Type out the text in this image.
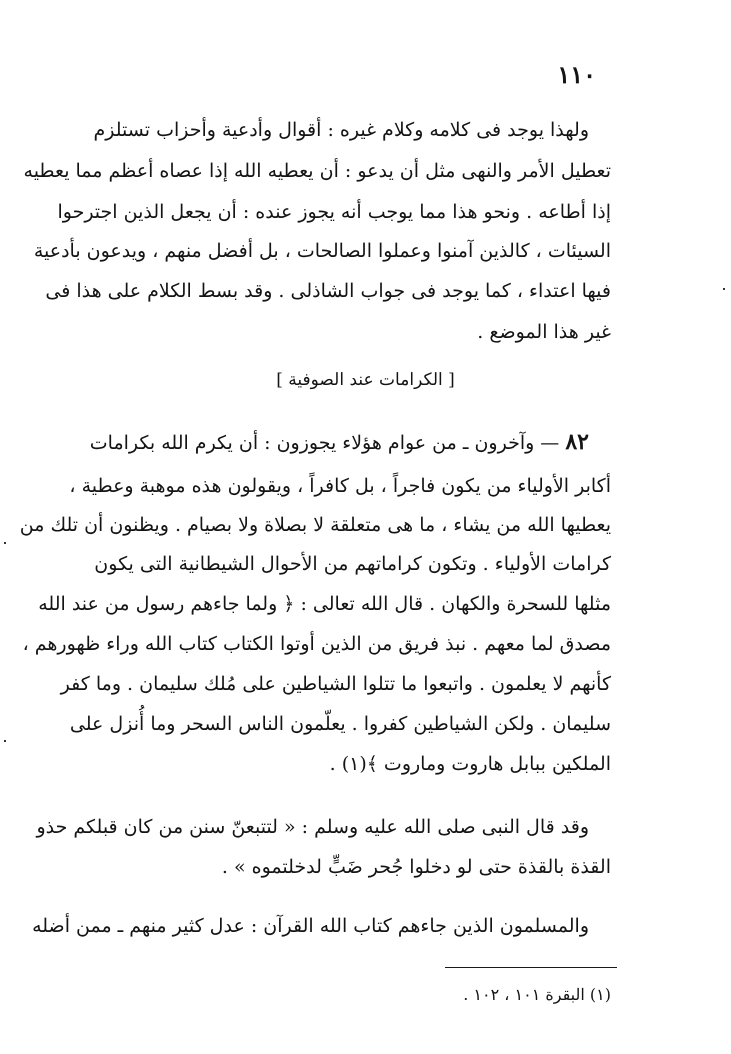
١١٠
ولهذا يوجد فى كلامه وكلام غيره : أقوال وأدعية وأحزاب تستلزم
تعطيل الأمر والنهى مثل أن يدعو : أن يعطيه الله إذا عصاه أعظم مما يعطيه
إذا أطاعه . ونحو هذا مما يوجب أنه يجوز عنده : أن يجعل الذين اجترحوا
السيئات ، كالذين آمنوا وعملوا الصالحات ، بل أفضل منهم ، ويدعون بأدعية
فيها اعتداء ، كما يوجد فى جواب الشاذلى . وقد بسط الكلام على هذا فى
غير هذا الموضع .
[ الكرامات عند الصوفية ]
٨٢ — وآخرون ـ من عوام هؤلاء يجوزون : أن يكرم الله بكرامات
أكابر الأولياء من يكون فاجراً ، بل كافراً ، ويقولون هذه موهبة وعطية ،
يعطيها الله من يشاء ، ما هى متعلقة لا بصلاة ولا بصيام . ويظنون أن تلك من
كرامات الأولياء . وتكون كراماتهم من الأحوال الشيطانية التى يكون
مثلها للسحرة والكهان . قال الله تعالى : ﴿ ولما جاءهم رسول من عند الله
مصدق لما معهم . نبذ فريق من الذين أوتوا الكتاب كتاب الله وراء ظهورهم ،
كأنهم لا يعلمون . واتبعوا ما تتلوا الشياطين على مُلك سليمان . وما كفر
سليمان . ولكن الشياطين كفروا . يعلّمون الناس السحر وما أُنزل على
الملكين ببابل هاروت وماروت ﴾(١) .
وقد قال النبى صلى الله عليه وسلم : « لتتبعنّ سنن من كان قبلكم حذو
القذة بالقذة حتى لو دخلوا جُحر ضَبٍّ لدخلتموه » .
والمسلمون الذين جاءهم كتاب الله القرآن : عدل كثير منهم ـ ممن أضله
(١) البقرة ١٠١ ، ١٠٢ .
